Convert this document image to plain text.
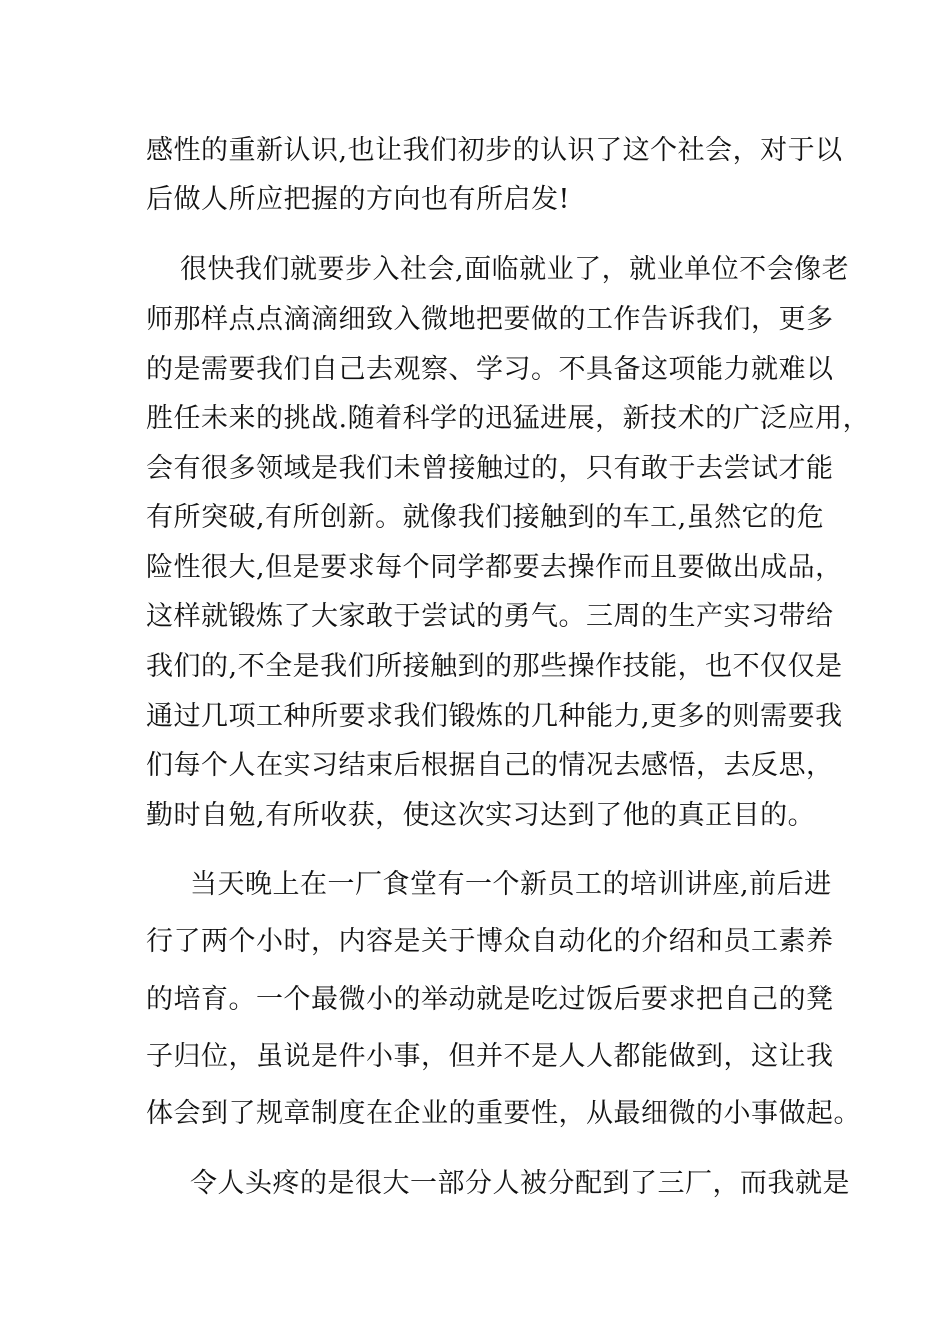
感性的重新认识,也让我们初步的认识了这个社会，对于以
后做人所应把握的方向也有所启发!
很快我们就要步入社会,面临就业了，就业单位不会像老
师那样点点滴滴细致入微地把要做的工作告诉我们，更多
的是需要我们自己去观察、学习。不具备这项能力就难以
胜任未来的挑战.随着科学的迅猛进展，新技术的广泛应用，
会有很多领域是我们未曾接触过的，只有敢于去尝试才能
有所突破,有所创新。就像我们接触到的车工,虽然它的危
险性很大,但是要求每个同学都要去操作而且要做出成品，
这样就锻炼了大家敢于尝试的勇气。三周的生产实习带给
我们的,不全是我们所接触到的那些操作技能，也不仅仅是
通过几项工种所要求我们锻炼的几种能力,更多的则需要我
们每个人在实习结束后根据自己的情况去感悟，去反思，
勤时自勉,有所收获，使这次实习达到了他的真正目的。
当天晚上在一厂食堂有一个新员工的培训讲座,前后进
行了两个小时，内容是关于博众自动化的介绍和员工素养
的培育。一个最微小的举动就是吃过饭后要求把自己的凳
子归位，虽说是件小事，但并不是人人都能做到，这让我
体会到了规章制度在企业的重要性，从最细微的小事做起。
令人头疼的是很大一部分人被分配到了三厂，而我就是
